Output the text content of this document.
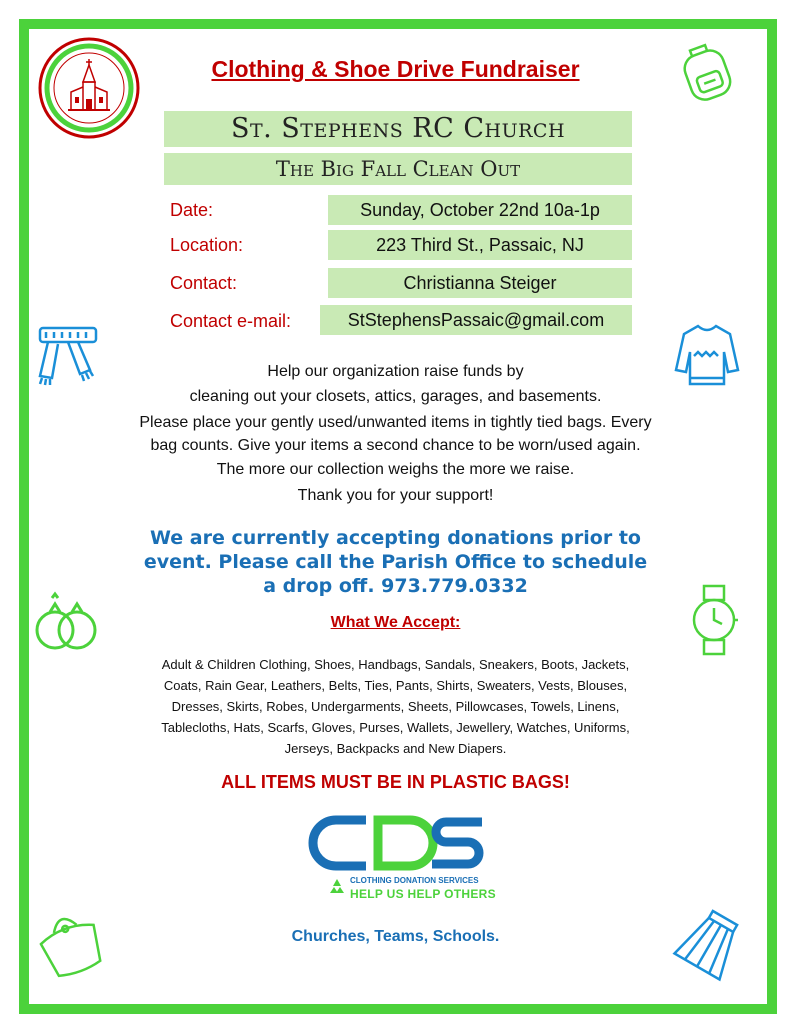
Clothing & Shoe Drive Fundraiser
St. Stephens RC Church
The Big Fall Clean Out
Date:	Sunday, October 22nd 10a-1p
Location:	223 Third St., Passaic, NJ
Contact:	Christianna Steiger
Contact e-mail:	StStephensPassaic@gmail.com
Help our organization raise funds by
cleaning out your closets, attics, garages, and basements.
Please place your gently used/unwanted items in tightly tied bags. Every
bag counts. Give your items a second chance to be worn/used again.
The more our collection weighs the more we raise.
Thank you for your support!
We are currently accepting donations prior to
event. Please call the Parish Office to schedule
a drop off. 973.779.0332
What We Accept:
Adult & Children Clothing, Shoes, Handbags, Sandals, Sneakers, Boots, Jackets,
Coats, Rain Gear, Leathers, Belts, Ties, Pants, Shirts, Sweaters, Vests, Blouses,
Dresses, Skirts, Robes, Undergarments, Sheets, Pillowcases, Towels, Linens,
Tablecloths, Hats, Scarfs, Gloves, Purses, Wallets, Jewellery, Watches, Uniforms,
Jerseys, Backpacks and New Diapers.
ALL ITEMS MUST BE IN PLASTIC BAGS!
CLOTHING DONATION SERVICES
HELP US HELP OTHERS
Churches, Teams, Schools.
